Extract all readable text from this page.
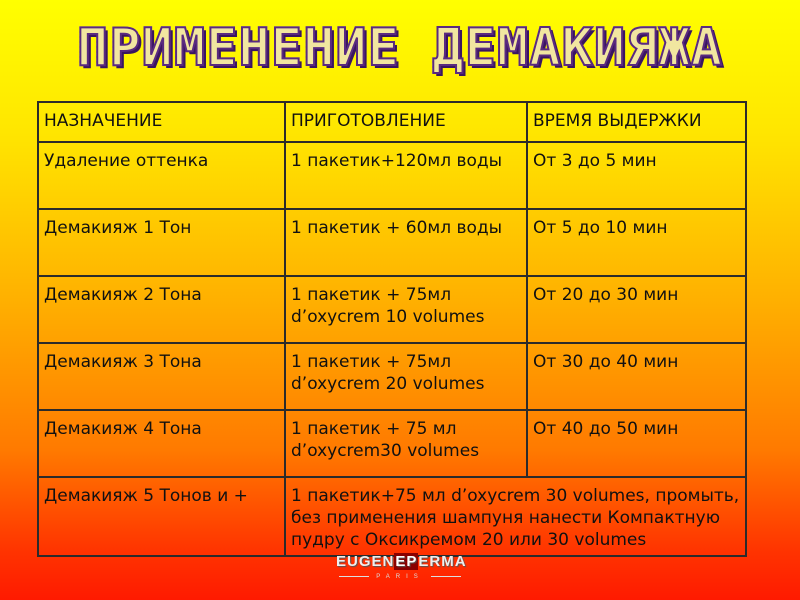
ПРИМЕНЕНИЕ ДЕМАКИЯЖА
НАЗНАЧЕНИЕ	ПРИГОТОВЛЕНИЕ	ВРЕМЯ ВЫДЕРЖКИ
Удаление оттенка	1 пакетик+120мл воды	От 3 до 5 мин
Демакияж 1 Тон	1 пакетик + 60мл воды	От 5 до 10 мин
Демакияж 2 Тона	1 пакетик + 75мл d’oxycrem 10 volumes	От 20 до 30 мин
Демакияж 3 Тона	1 пакетик + 75мл d’oxycrem 20 volumes	От 30 до 40 мин
Демакияж 4 Тона	1 пакетик + 75 мл d’oxycrem30 volumes	От 40 до 50 мин
Демакияж 5 Тонов и +	1 пакетик+75 мл d’oxycrem 30 volumes, промыть, без применения шампуня нанести Компактную пудру с Оксикремом 20 или 30 volumes	
EUGENEPERMA
PARIS
